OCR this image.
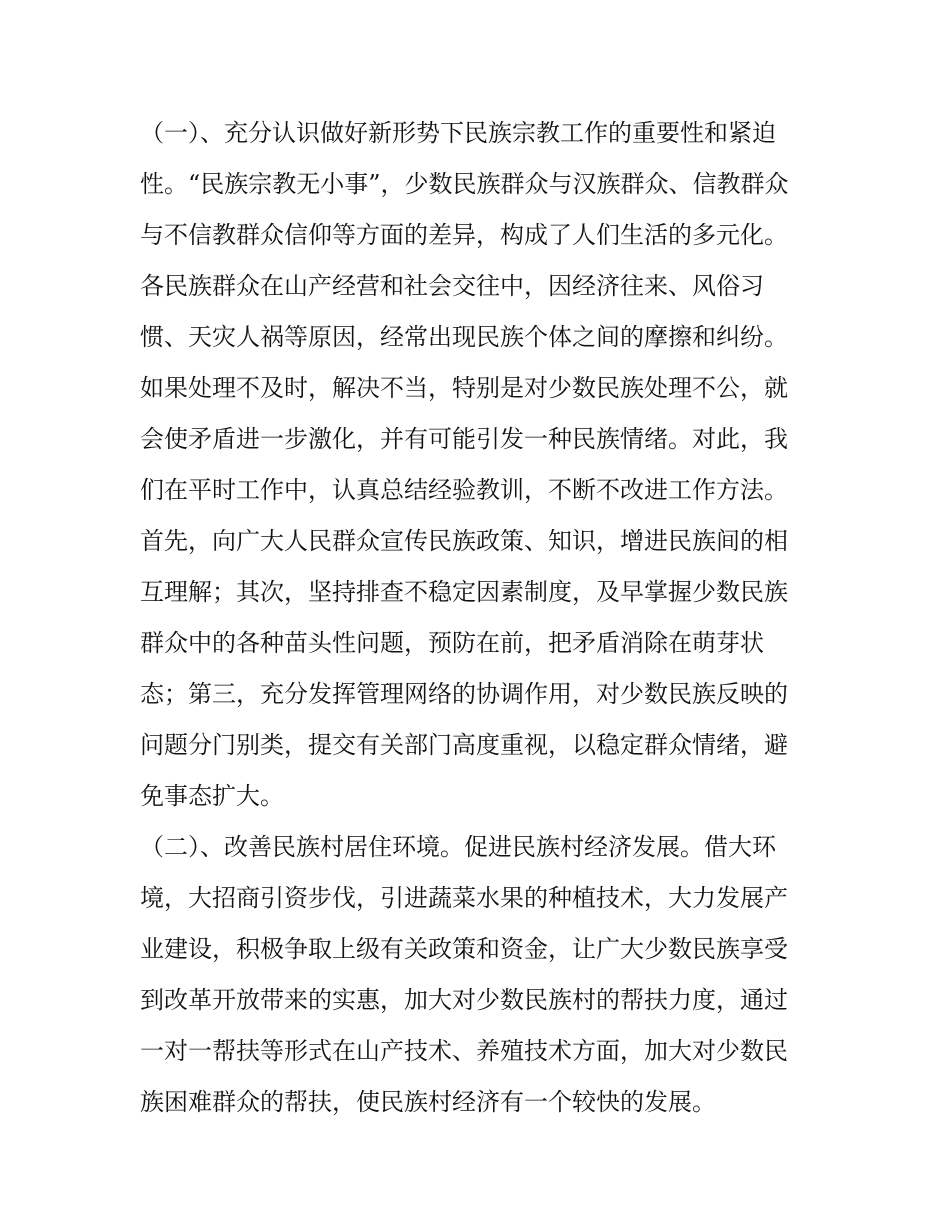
（一）、充分认识做好新形势下民族宗教工作的重要性和紧迫
性。“民族宗教无小事”，少数民族群众与汉族群众、信教群众
与不信教群众信仰等方面的差异，构成了人们生活的多元化。
各民族群众在山产经营和社会交往中，因经济往来、风俗习
惯、天灾人祸等原因，经常出现民族个体之间的摩擦和纠纷。
如果处理不及时，解决不当，特别是对少数民族处理不公，就
会使矛盾进一步激化，并有可能引发一种民族情绪。对此，我
们在平时工作中，认真总结经验教训，不断不改进工作方法。
首先，向广大人民群众宣传民族政策、知识，增进民族间的相
互理解；其次，坚持排查不稳定因素制度，及早掌握少数民族
群众中的各种苗头性问题，预防在前，把矛盾消除在萌芽状
态；第三，充分发挥管理网络的协调作用，对少数民族反映的
问题分门别类，提交有关部门高度重视，以稳定群众情绪，避
免事态扩大。
（二）、改善民族村居住环境。促进民族村经济发展。借大环
境，大招商引资步伐，引进蔬菜水果的种植技术，大力发展产
业建设，积极争取上级有关政策和资金，让广大少数民族享受
到改革开放带来的实惠，加大对少数民族村的帮扶力度，通过
一对一帮扶等形式在山产技术、养殖技术方面，加大对少数民
族困难群众的帮扶，使民族村经济有一个较快的发展。
